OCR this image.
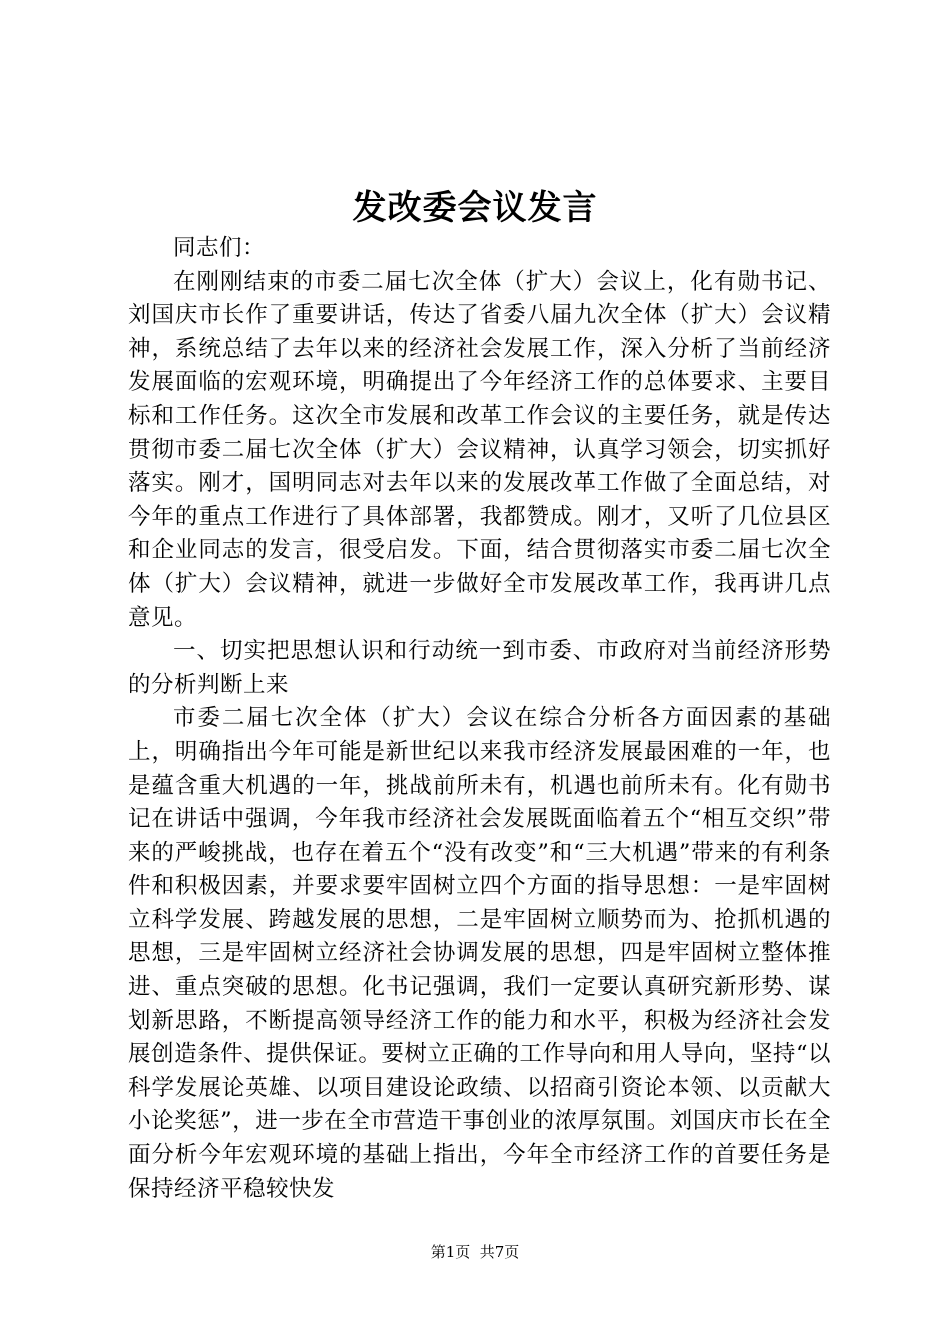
发改委会议发言

同志们：

在刚刚结束的市委二届七次全体（扩大）会议上，化有勋书记、刘国庆市长作了重要讲话，传达了省委八届九次全体（扩大）会议精神，系统总结了去年以来的经济社会发展工作，深入分析了当前经济发展面临的宏观环境，明确提出了今年经济工作的总体要求、主要目标和工作任务。这次全市发展和改革工作会议的主要任务，就是传达贯彻市委二届七次全体（扩大）会议精神，认真学习领会，切实抓好落实。刚才，国明同志对去年以来的发展改革工作做了全面总结，对今年的重点工作进行了具体部署，我都赞成。刚才，又听了几位县区和企业同志的发言，很受启发。下面，结合贯彻落实市委二届七次全体（扩大）会议精神，就进一步做好全市发展改革工作，我再讲几点意见。

一、切实把思想认识和行动统一到市委、市政府对当前经济形势的分析判断上来

市委二届七次全体（扩大）会议在综合分析各方面因素的基础上，明确指出今年可能是新世纪以来我市经济发展最困难的一年，也是蕴含重大机遇的一年，挑战前所未有，机遇也前所未有。化有勋书记在讲话中强调，今年我市经济社会发展既面临着五个“相互交织”带来的严峻挑战，也存在着五个“没有改变”和“三大机遇”带来的有利条件和积极因素，并要求要牢固树立四个方面的指导思想：一是牢固树立科学发展、跨越发展的思想，二是牢固树立顺势而为、抢抓机遇的思想，三是牢固树立经济社会协调发展的思想，四是牢固树立整体推进、重点突破的思想。化书记强调，我们一定要认真研究新形势、谋划新思路，不断提高领导经济工作的能力和水平，积极为经济社会发展创造条件、提供保证。要树立正确的工作导向和用人导向，坚持“以科学发展论英雄、以项目建设论政绩、以招商引资论本领、以贡献大小论奖惩”，进一步在全市营造干事创业的浓厚氛围。刘国庆市长在全面分析今年宏观环境的基础上指出，今年全市经济工作的首要任务是保持经济平稳较快发

第1页  共7页
